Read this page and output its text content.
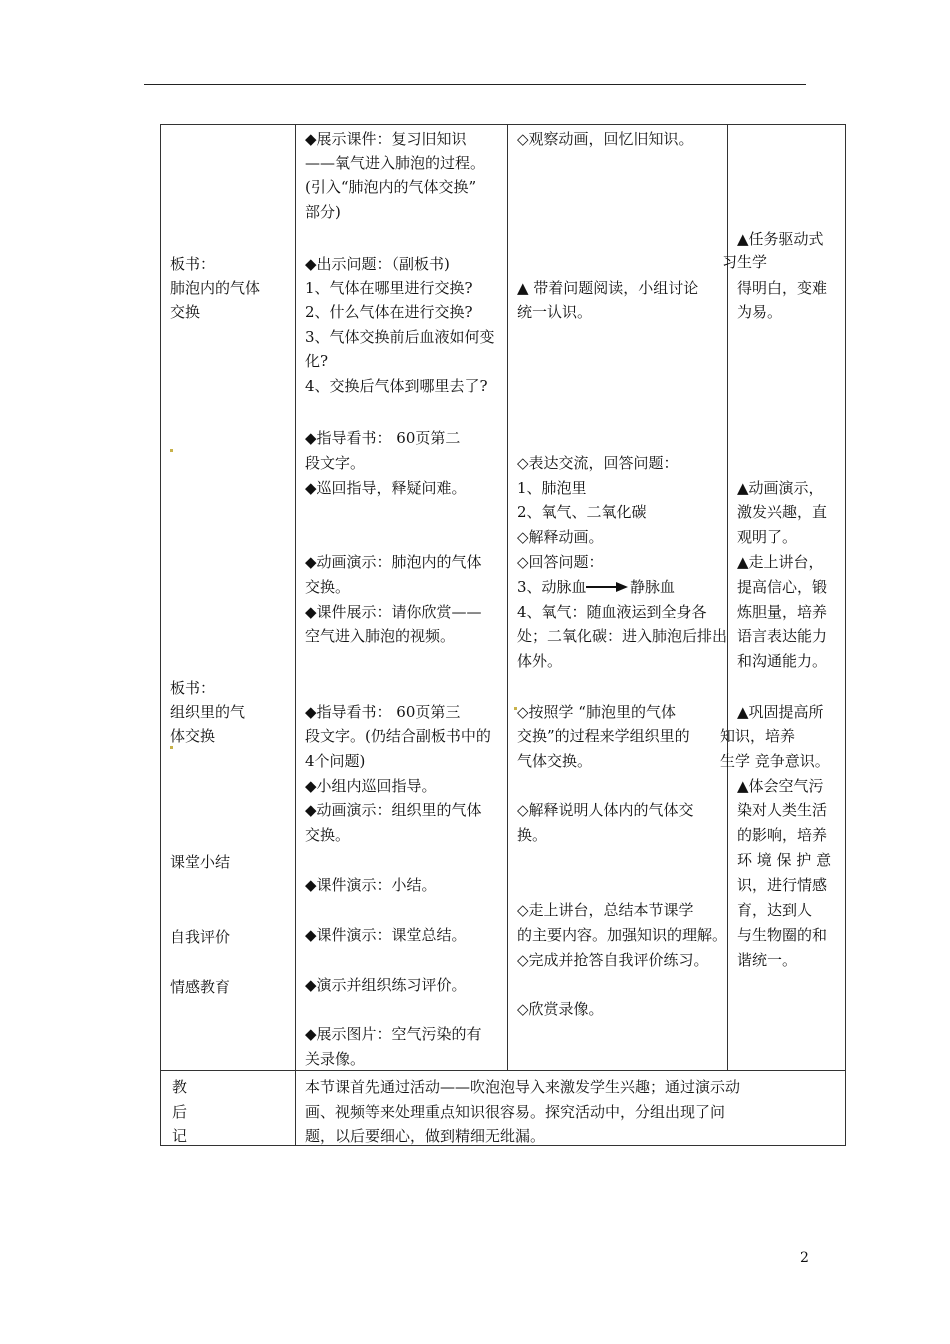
板书：
肺泡内的气体
交换
板书：
组织里的气
体交换
课堂小结
自我评价
情感教育
◆展示课件：复习旧知识
——氧气进入肺泡的过程。
(引入“肺泡内的气体交换”
部分)
◆出示问题：（副板书)
1、气体在哪里进行交换?
2、什么气体在进行交换?
3、气体交换前后血液如何变
化?
4、交换后气体到哪里去了?
◆指导看书： 60页第二
段文字。
◆巡回指导，释疑问难。
◆动画演示：肺泡内的气体
交换。
◆课件展示：请你欣赏——
空气进入肺泡的视频。
◆指导看书： 60页第三
段文字。(仍结合副板书中的
4个问题)
◆小组内巡回指导。
◆动画演示：组织里的气体
交换。
◆课件演示：小结。
◆课件演示：课堂总结。
◆演示并组织练习评价。
◆展示图片：空气污染的有
关录像。
◇观察动画，回忆旧知识。
▲ 带着问题阅读，小组讨论
统一认识。
◇表达交流，回答问题：
1、肺泡里
2、氧气、二氧化碳
◇解释动画。
◇回答问题：
3、动脉血	静脉血
4、氧气：随血液运到全身各
处；二氧化碳：进入肺泡后排出
体外。
◇按照学 “肺泡里的气体
交换”的过程来学组织里的
气体交换。
◇解释说明人体内的气体交
换。
◇走上讲台，总结本节课学
的主要内容。加强知识的理解。
◇完成并抢答自我评价练习。
◇欣赏录像。
▲任务驱动式
习生学
得明白，变难
为易。
▲动画演示，
激发兴趣，直
观明了。
▲走上讲台，
提高信心，锻
炼胆量，培养
语言表达能力
和沟通能力。
▲巩固提高所
知识，培养
生学 竞争意识。
▲体会空气污
染对人类生活
的影响，培养
环 境 保 护 意
识，进行情感
育，达到人
与生物圈的和
谐统一。
教
后
记
本节课首先通过活动——吹泡泡导入来激发学生兴趣；通过演示动
画、视频等来处理重点知识很容易。探究活动中，分组出现了问
题，以后要细心，做到精细无纰漏。
2
